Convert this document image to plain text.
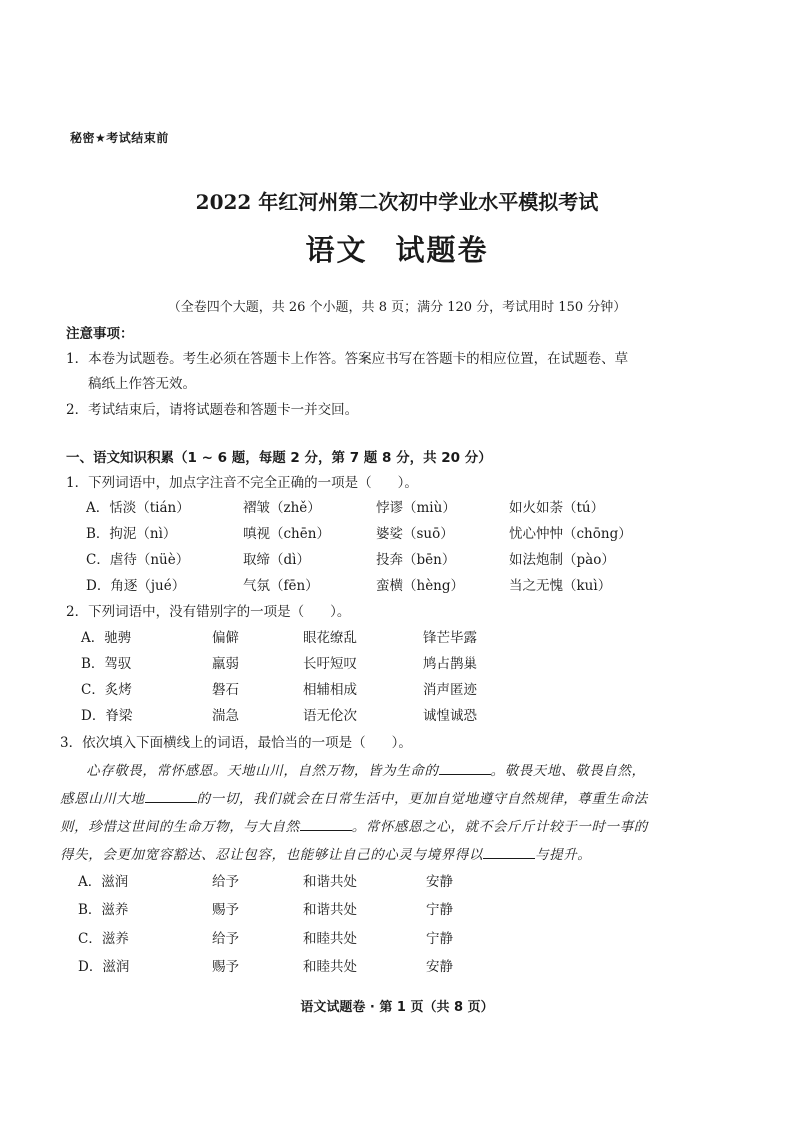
秘密★考试结束前
2022 年红河州第二次初中学业水平模拟考试
语文 试题卷
（全卷四个大题，共 26 个小题，共 8 页；满分 120 分，考试用时 150 分钟）
注意事项：
1．本卷为试题卷。考生必须在答题卡上作答。答案应书写在答题卡的相应位置，在试题卷、草
稿纸上作答无效。
2．考试结束后，请将试题卷和答题卡一并交回。
一、语文知识积累（1 ~ 6 题，每题 2 分，第 7 题 8 分，共 20 分）
1．下列词语中，加点字注音不完全正确的一项是（ ）。
A．恬淡（tián）	褶皱（zhě）	悖谬（miù）	如火如荼（tú）
B．拘泥（nì）	嗔视（chēn）	婆娑（suō）	忧心忡忡（chōng）
C．虐待（nüè）	取缔（dì）	投奔（bēn）	如法炮制（pào）
D．角逐（jué）	气氛（fēn）	蛮横（hèng）	当之无愧（kuì）
2．下列词语中，没有错别字的一项是（ ）。
A．驰骋	偏僻	眼花缭乱	锋芒毕露
B．驾驭	羸弱	长吁短叹	鸠占鹊巢
C．炙烤	磐石	相辅相成	消声匿迹
D．脊梁	湍急	语无伦次	诚惶诚恐
3．依次填入下面横线上的词语，最恰当的一项是（ ）。
心存敬畏，常怀感恩。天地山川，自然万物，皆为生命的	。敬畏天地、敬畏自然，
感恩山川大地	的一切，我们就会在日常生活中，更加自觉地遵守自然规律，尊重生命法
则，珍惜这世间的生命万物，与大自然	。常怀感恩之心，就不会斤斤计较于一时一事的
得失，会更加宽容豁达、忍让包容，也能够让自己的心灵与境界得以	与提升。
A．滋润	给予	和谐共处	安静
B．滋养	赐予	和谐共处	宁静
C．滋养	给予	和睦共处	宁静
D．滋润	赐予	和睦共处	安静
语文试题卷 · 第 1 页（共 8 页）
